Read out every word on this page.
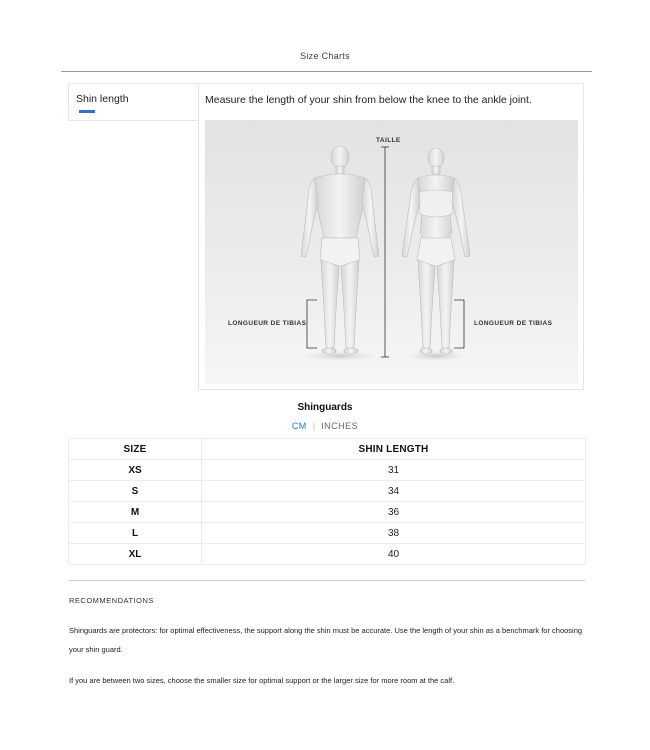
Size Charts
Shin length	Measure the length of your shin from below the knee to the ankle joint.
TAILLE
LONGUEUR DE TIBIAS	LONGUEUR DE TIBIAS
Shinguards
CM | INCHES
SIZE	SHIN LENGTH
XS	31
S	34
M	36
L	38
XL	40
RECOMMENDATIONS
Shinguards are protectors: for optimal effectiveness, the support along the shin must be accurate. Use the length of your shin as a benchmark for choosing your shin guard.
If you are between two sizes, choose the smaller size for optimal support or the larger size for more room at the calf.
